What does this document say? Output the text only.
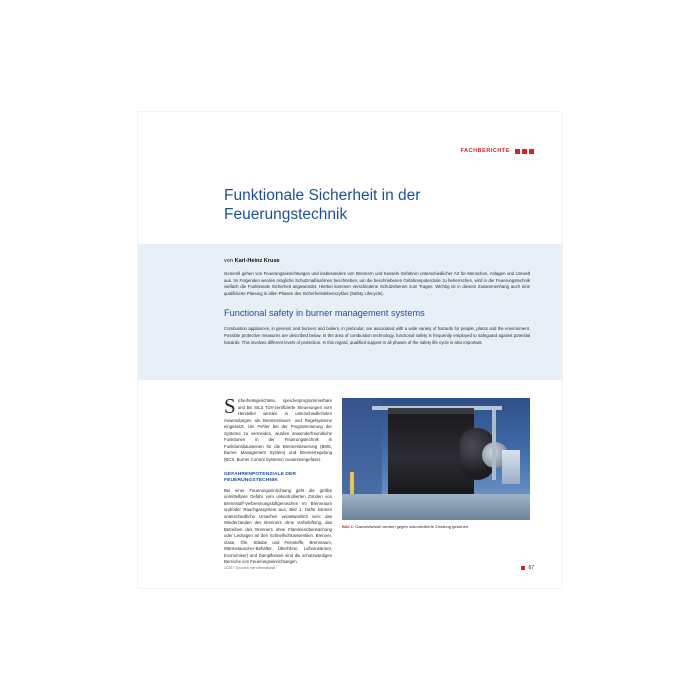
FACHBERICHTE
Funktionale Sicherheit in der
Feuerungstechnik
von Karl-Heinz Kruse
Generell gehen von Feuerungseinrichtungen und insbesondere von Brennern und Kesseln Gefahren unterschiedlicher Art für Menschen, Anlagen und Umwelt aus. Im Folgenden werden mögliche Schutzmaßnahmen beschrieben, um die beschriebenen Gefahrenpotenziale zu beherrschen, wird in der Feuerungstechnik vielfach die Funktionale Sicherheit angewendet. Hierbei kommen verschiedene Schutzebenen zum Tragen. Wichtig ist in diesem Zusammenhang auch eine qualifizierte Planung in allen Phasen des Sicherheitslebenszyklus (Safety Lifecycle).
Functional safety in burner management systems
Combustion appliances, in general, and burners and boilers, in particular, are associated with a wide variety of hazards for people, plants and the environment. Possible protective measures are described below. In the area of combustion technology, functional safety is frequently employed to safeguard against potential hazards. This involves different levels of protection. In this regard, qualified support in all phases of the safety life cycle is also important.
Sicherheitsgerichtete, speicherprogrammierbare und bis SIL3 TÜV-zertifizierte Steuerungen vom Hersteller werden in unterschiedlichsten Anwendungen als Brennersteuer- und Regelsysteme eingesetzt. Um Fehler bei der Programmierung der Systeme zu vermeiden, wurden anwenderfreundliche Funktionen in der Feuerungstechnik in Funktionsbausteinen für die Brennersteuerung (BMS, Burner Management System) und Brennerregelung (BCS, Burner Control Systems) zusammengefasst.
GEFAHRENPOTENZIALE DER
FEUERUNGSTECHNIK

Bei einer Feuerungseinrichtung geht die größte unmittelbare Gefahr vom unkontrollierten Zünden von Brennstoff-Verbrennungsluftgemischen im Brennraum und/oder Rauchgassystem aus, Bild 1. Dafür können unterschiedliche Ursachen verantwortlich sein: das Wiederzünden des Brenners ohne Vorbelüftung, das Betreiben des Brenners ohne Flammenüberwachung oder Leckagen an den Schnellschlussventilen. Brenner, Gase, Öle, Stäube und Feinstoffe, Brennraum, Wärmetauscher-Behälter, Überhitzer, Luftvorwärmer, Economiser) und Dampfkessel sind die schutzwürdigen Bereiche von Feuerungseinrichtungen.

Bild 1: Gasheizkessel werden gegen unkontrollierte Zündung gesichert
1/2017 Tyrol ech hier international	67
